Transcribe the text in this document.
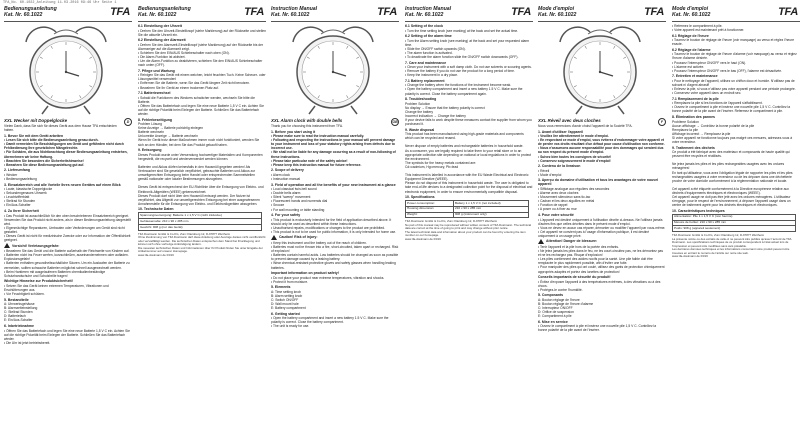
TFA_No. 60.1022_Anleitung 11.03.2016 09:46 Uhr Seite 1
Bedienungsanleitung
Kat. Nr. 60.1022	TFA
XXL Wecker mit Doppelglocke	D

Vielen Dank, dass Sie sich für dieses Gerät aus dem Hause TFA entschieden haben.

1. Bevor Sie mit dem Gerät arbeiten

• Lesen Sie sich bitte die Bedienungsanleitung genau durch.
• Damit vermeiden Sie Beschädigungen am Gerät und gefährden nicht durch Fehlbedienung Ihre gesetzlichen Mängelrechte.
• Für Schäden, die aus Nichtbeachtung dieser Bedienungsanleitung entstehen, übernehmen wir keine Haftung.
• Beachten Sie besonders die Sicherheitshinweise!
• Bewahren Sie diese Bedienungsanleitung gut auf.

2. Lieferumfang

• Wecker
• Bedienungsanleitung

3. Einsatzbereich und alle Vorteile Ihres neuen Gerätes auf einen Blick

• Laute, klassische Doppelglocke
• Sekundengenaues Uhrwerk
• Leuchtzifferblatt
• Stellrad für Stunden
• Ein/Aus-Schalter

4. Zu Ihrer Sicherheit

• Das Produkt ist ausschließlich für den oben beschriebenen Einsatzbereich geeignet. Verwenden Sie das Produkt nicht anders, als in dieser Bedienungsanleitung dargestellt wird.
• Eigenmächtige Reparaturen, Umbauten oder Veränderungen am Gerät sind nicht gestattet.
• Dieses Gerät ist nicht für medizinische Zwecke oder zur Information der Öffentlichkeit geeignet.

Vorsicht! Verletzungsgefahr:

• Bewahren Sie das Gerät und die Batterie außerhalb der Reichweite von Kindern auf.
• Batterien nicht ins Feuer werfen, kurzschließen, auseinandernehmen oder aufladen. Explosionsgefahr!
• Batterien enthalten gesundheitsschädliche Säuren. Um ein Auslaufen der Batterie zu vermeiden, sollten schwache Batterien möglichst schnell ausgewechselt werden.
• Beim Hantieren mit ausgelaufenen Batterien chemikalienbeständige Schutzhandschuhe und Schutzbrille tragen!

Wichtige Hinweise zur Produktsicherheit!

• Setzen Sie das Gerät keinen extremen Temperaturen, Vibrationen und Erschütterungen aus.
• Vor Feuchtigkeit schützen.

5. Bestandteile

A: Uhrwerksgehäuse
B: Alarmzeiteinstellung
C: Stellrad Stunden
D: Batteriefach
E: Ein/Aus-Schalter

6. Inbetriebnahme

• Öffnen Sie das Batteriefach und legen Sie eine neue Batterie 1,5 V C ein. Achten Sie auf die richtige Polarität beim Einlegen der Batterie. Schließen Sie das Batteriefach wieder.
• Die Uhr ist jetzt betriebsbereit.

Bedienungsanleitung
Kat. Nr. 60.1022	TFA
6.1 Einstellung der Uhrzeit

• Drehen Sie den Uhrzeit-Einstellknopf (siehe Markierung) auf der Rückseite und stellen Sie die aktuelle Uhrzeit ein.

6.2 Einstellung der Alarmzeit

• Drehen Sie den Alarmzeit-Einstellknopf (siehe Markierung) auf der Rückseite bis der Alarmzeiger auf die Alarmzeit zeigt.
• Schieben Sie den EIN/AUS Schiebeschalter nach oben (ON).
• Die Alarm-Funktion ist aktiviert.
• Um die Alarm-Funktion zu deaktivieren, schieben Sie den EIN/AUS Schiebeschalter nach unten (OFF).

7. Pflege und Wartung

• Reinigen Sie das Gerät mit einem weichen, leicht feuchten Tuch. Keine Scheuer- oder Lösungsmittel verwenden!
• Entfernen Sie die Batterie, wenn Sie das Gerät längere Zeit nicht benutzen.
• Bewahren Sie Ihr Gerät an einem trockenen Platz auf.

7.1 Batteriewechsel

• Sobald die Funktionen des Weckers schwächer werden, wechseln Sie bitte die Batterie.
• Öffnen Sie das Batteriefach und legen Sie eine neue Batterie 1,5 V C ein. Achten Sie auf die richtige Polarität beim Einlegen der Batterie. Schließen Sie das Batteriefach wieder.

8. Fehlerbeseitigung

Problem Lösung
Keine Anzeige → Batterie polrichtig einlegen
Batterie wechseln
Unkorrekte Anzeige → Batterie wechseln

Wenn Ihr Gerät trotz dieser Maßnahmen immer noch nicht funktioniert, wenden Sie sich an den Händler, bei dem Sie das Produkt gekauft haben.

9. Entsorgung

Dieses Produkt wurde unter Verwendung hochwertiger Materialien und Komponenten hergestellt, die recycelt und wiederverwendet werden können.

Batterien und Akkus dürfen keinesfalls in den Hausmüll gegeben werden! Als Verbraucher sind Sie gesetzlich verpflichtet, gebrauchte Batterien und Akkus zur umweltgerechten Entsorgung beim Handel oder entsprechenden Sammelstellen gemäß nationaler oder lokaler Bestimmungen abzugeben.

Dieses Gerät ist entsprechend der EU-Richtlinie über die Entsorgung von Elektro- und Elektronik-Altgeräten (WEEE) gekennzeichnet.
Dieses Produkt darf nicht über den Hausmüll entsorgt werden. Der Nutzer ist verpflichtet, das Altgerät zur umweltgerechten Entsorgung bei einer ausgewiesenen Annahmestelle für die Entsorgung von Elektro- und Elektronikgeräten abzugeben.

10. Technische Daten
Spannungsversorgung: Batterie 1 x 1,5 V C (nicht inklusive)
Gehäusemaße: 210 x 90 x 285 mm
Gewicht: 908 g (nur das Gerät)
TFA Dostmann GmbH & Co.KG, Zum Ottersberg 12, D-97877 Wertheim
Ohne Zustimmung von TFA Dostmann darf diese Anleitung oder Auszüge daraus nicht veröffentlicht oder vervielfältigt werden. Die technischen Daten entsprechen dem Stand bei Drucklegung und können sich ohne vorherige Ankündigung ändern.
Die neuesten technischen Daten und Informationen über Ihr Produkt finden Sie unter Eingabe der Artikelnummer auf unserer Homepage.
www.tfa-dostmann.de 03/16
Instruction Manual
Kat. Nr. 60.1022	TFA
XXL Alarm clock with double bells	GB

Thank you for choosing this instrument from TFA.

1. Before you start using it

• Please make sure to read the instruction manual carefully.
• Following and respecting the instructions in your manual will prevent damage to your instrument and loss of your statutory rights arising from defects due to incorrect use.
• We shall not be liable for any damage occurring as a result of non-following of these instructions.
• Please take particular note of the safety advice!
• Please keep this instruction manual for future reference.

2. Scope of delivery

• Alarm clock
• Instruction manual

3. Field of operation and all the benefits of your new instrument at a glance

• Loud classical twin-bell sound
• Double bells alarm
• Silent "sweep" movement
• Fluorescent hands and numerals dial
• Snooze
• For wall mounting or table standing

4. For your safety

• This product is exclusively intended for the field of application described above. It should only be used as described within these instructions.
• Unauthorised repairs, modifications or changes to the product are prohibited.
• This product is not to be used for public information, it is only intended for home use.

Caution! Risk of injury:

• Keep this instrument and the battery out of the reach of children.
• Batteries must not be thrown into a fire, short-circuited, taken apart or recharged. Risk of explosion!
• Batteries contain harmful acids. Low batteries should be changed as soon as possible to prevent damage caused by a leaking battery.
• Wear chemical-resistant protective gloves and safety glasses when handling leaking batteries.

Important information on product safety!

• Do not place your product near extreme temperatures, vibration and shocks.
• Protect it from moisture.

5. Elements

A: Time setting knob
B: Alarm setting knob
C: Switch ON/OFF
D: Wall mount hole
E: Battery compartment

6. Getting started

• Open the battery compartment and insert a new battery 1.5 V C. Make sure the polarity is correct. Close the battery compartment.
• The unit is ready for use.

Instruction Manual
Kat. Nr. 60.1022	TFA
6.1 Setting of the clock

• Turn the time setting knob (see marking) at the back and set the actual time.

6.2 Setting of the alarm time

• Turn the Alarm setting knob (see marking) at the back and set your requested alarm time.
• Slide the ON/OFF switch upwards (ON).
• The alarm function is activated.
• To deactivate the alarm function slide the ON/OFF switch downwards (OFF).

7. Care and maintenance

• Clean your instrument with a soft damp cloth. Do not use solvents or scouring agents.
• Remove the battery if you do not use the product for a long period of time.
• Keep the instrument in a dry place.

7.1 Battery replacement

• Change the battery when the functions of the instrument become weak.
• Open the battery compartment and insert a new battery 1.5 V C. Make sure the polarity is correct. Close the battery compartment again.

8. Troubleshooting

Problem Solution
No display → Ensure that the battery polarity is correct
Change the battery
Incorrect indication → Change the battery

If your device fails to work despite these measures contact the supplier from whom you purchased it.

9. Waste disposal

This product has been manufactured using high-grade materials and components which can be recycled and reused.

Never dispose of empty batteries and rechargeable batteries in household waste.
As a consumer, you are legally required to take them to your retail store or to an appropriate collection site depending on national or local regulations in order to protect the environment.
The symbols for the heavy metals contained are:
Cd=cadmium, Hg=mercury, Pb=lead

This instrument is labelled in accordance with the EU Waste Electrical and Electronic Equipment Directive (WEEE).
Please do not dispose of this instrument in household waste. The user is obligated to take end-of-life devices to a designated collection point for the disposal of electrical and electronic equipment, in order to ensure environmentally compatible disposal.

10. Specifications
Power consumption:	Battery 1 x 1,5 V C (not included)
Housing dimension:	210 x 90 x 285 mm
Weight:	908 g (instrument only)
TFA Dostmann GmbH & Co.KG, Zum Ottersberg 12, D-97877 Wertheim
No part of this manual may be reproduced without written consent of TFA Dostmann. The technical data are correct at the time of going to print and may change without prior notice.
The latest technical data and information about your product can be found by entering the item number on our homepage.
www.tfa-dostmann.de 03/16
Mode d'emploi
Kat. Nr. 60.1022	TFA
XXL Réveil avec deux cloches	F

Nous vous remercions d'avoir choisi l'appareil de la Société TFA.

1. Avant d'utiliser l'appareil

• Veuillez lire attentivement le mode d'emploi.
• En respectant ce mode d'emploi, vous éviterez d'endommager votre appareil et de perdre vos droits résultant d'un défaut pour cause d'utilisation non conforme.
• Nous n'assumons aucune responsabilité pour des dommages qui seraient dus au non respect du présent mode d'emploi.
• Suivez bien toutes les consignes de sécurité!
• Conservez soigneusement le mode d'emploi!

2. Contenu de la livraison

• Réveil
• Mode d'emploi

3. Aperçu du domaine d'utilisation et tous les avantages de votre nouvel appareil

• Sifflotage analogue aux réguliers des secondes
• Alarme avec deux cloches
• Mouvement silencieux sans tic-tac
• Cadran et les deux aiguilles en métal
• Fonction de rappel
• A poser ou à fixer au mur

4. Pour votre sécurité

• L'appareil est destiné uniquement à l'utilisation décrite ci-dessus. Ne l'utilisez jamais d'autres fins que celles décrites dans le présent mode d'emploi.
• Vous ne devez en aucun cas réparer, démonter ou modifier l'appareil par vous-même.
• Cet appareil ne convient pas à l'usage d'information publique, il est destiné uniquement à un usage privé.

Attention! Danger de blessure:

• Tenir l'appareil et la pile hors de la portée des enfants.
• Ne jetez jamais les piles dans le feu, ne les court-circuitez pas, ne les démontez pas et ne les rechargez pas. Risque d'explosion!
• Les piles contiennent des acides nocifs pour la santé. Une pile faible doit être remplacée le plus rapidement possible, afin d'éviter une fuite.
• Pour manipuler des piles qui ont coulé, utilisez des gants de protection chimiquement appropriés adaptés et portez des lunettes de protection!

Conseils importants de sécurité du produit!

• Évitez d'exposer l'appareil à des températures extrêmes, à des vibrations ou à des chocs.
• Protégez-le contre l'humidité.

5. Composants

A: Bouton réglage de l'heure
B: Bouton réglage de l'heure d'alarme
C: Interrupteur ON/OFF
D: Orifice de suspension
E: Compartiment à pile

6. Mise en service

• Ouvrez le compartiment à pile et insérez une nouvelle pile 1,5 V C. Contrôlez la bonne polarité de la pile avant de l'insérer.

Mode d'emploi
Kat. Nr. 60.1022	TFA

• Refermez le compartiment à pile.
• Votre appareil est maintenant prêt à fonctionner.

6.1 Réglage de l'heure

• Tournez le bouton de réglage de l'heure (voir marquage) au verso et réglez l'heure exacte.

6.2 Réglage de l'alarme

• Tournez le bouton de réglage de l'heure d'alarme (voir marquage) au verso et réglez l'heure d'alarme désirée.
• Poussez l'interrupteur ON/OFF vers le haut (ON).
• L'alarme est activée.
• Poussez l'interrupteur ON/OFF vers le bas (OFF), l'alarme est désactivée.

7. Entretien et maintenance

• Pour le nettoyage de l'appareil, utilisez un chiffon doux et humide. N'utilisez pas de solvant ni d'agent abrasif!
• Enlevez la pile, si vous n'utilisez pas votre appareil pendant une période prolongée.
• Conservez votre appareil dans un endroit sec.

7.1 Remplacement de la pile

• Remplacez la pile si les fonctions de l'appareil s'affaiblissent.
• Ouvrez le compartiment à pile et insérez une nouvelle pile 1,5 V C. Contrôlez la bonne polarité de la pile avant de l'insérer. Refermez le compartiment à pile.

8. Élimination des pannes

Problème Solution
Aucun affichage → Contrôlez la bonne polarité de la pile
Remplacez la pile
Affichage incorrect → Remplacez la pile

Si votre appareil ne fonctionne toujours pas malgré ces mesures, adressez-vous à votre revendeur.

9. Traitement des déchets

Ce produit a été fabriqué avec des matériaux et composants de haute qualité qui peuvent être recyclés et réutilisés.

Ne jetez jamais les piles et les piles rechargeables usagées avec les ordures ménagères!
En tant qu'utilisateur, vous avez l'obligation légale de rapporter les piles et les piles rechargeables usagées à votre revendeur ou de les déposer dans une déchetterie proche de votre domicile conformément à la réglementation nationale et locale.

Cet appareil a été étiqueté conformément à la Directive européenne relative aux déchets d'équipements électriques et électroniques (WEEE).
Cet appareil usagé ne doit pas être jeté avec les ordures ménagères. L'utilisateur s'engage, pour le respect de l'environnement, à déposer l'appareil usagé dans un centre de traitement agréé pour les déchets électriques et électroniques.

10. Caractéristiques techniques
Alimentation: Pile 1 x 1,5 V C (non fournie)
Mesure de boîtier: 210 x 90 x 285 mm
Poids: 908 g (appareil seulement)
TFA Dostmann GmbH & Co.KG, Zum Ottersberg 12, D-97877 Wertheim
La présente notice ou des extraits de celle-ci ne peuvent être publiés qu'avec l'accord de TFA Dostmann. Les spécifications techniques de ce produit correspondent à l'état actuel lors de l'impression et peuvent être modifiées sans avis préalable.
Les dernières données techniques et les informations concernant votre produit peuvent être trouvées en entrant le numéro de l'article sur notre site web.
www.tfa-dostmann.de 03/16
